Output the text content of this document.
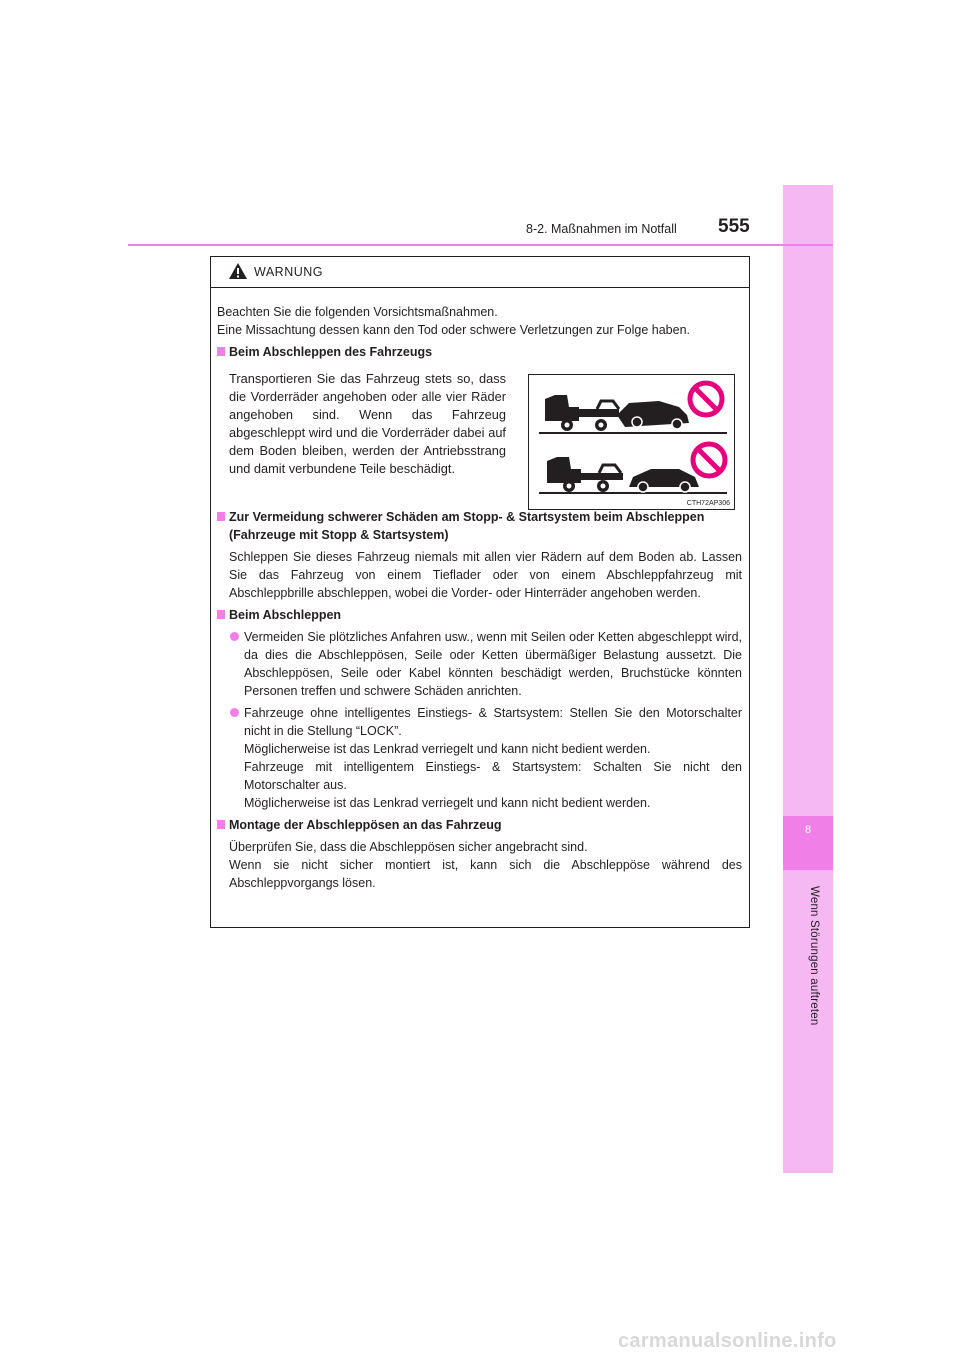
8
Wenn Störungen auftreten
8-2. Maßnahmen im Notfall 555
WARNUNG

Beachten Sie die folgenden Vorsichtsmaßnahmen.

Eine Missachtung dessen kann den Tod oder schwere Verletzungen zur Folge haben.

Beim Abschleppen des Fahrzeugs

Transportieren Sie das Fahrzeug stets so, dass die Vorderräder angehoben oder alle vier Räder angehoben sind. Wenn das Fahrzeug abgeschleppt wird und die Vorderräder dabei auf dem Boden bleiben, werden der Antriebsstrang und damit verbundene Teile beschädigt.

Zur Vermeidung schwerer Schäden am Stopp- & Startsystem beim Abschleppen (Fahrzeuge mit Stopp & Startsystem)

Schleppen Sie dieses Fahrzeug niemals mit allen vier Rädern auf dem Boden ab. Lassen Sie das Fahrzeug von einem Tieflader oder von einem Abschleppfahrzeug mit Abschleppbrille abschleppen, wobei die Vorder- oder Hinterräder angehoben werden.

Beim Abschleppen

Vermeiden Sie plötzliches Anfahren usw., wenn mit Seilen oder Ketten abgeschleppt wird, da dies die Abschleppösen, Seile oder Ketten übermäßiger Belastung aussetzt. Die Abschleppösen, Seile oder Kabel könnten beschädigt werden, Bruchstücke könnten Personen treffen und schwere Schäden anrichten.
Fahrzeuge ohne intelligentes Einstiegs- & Startsystem: Stellen Sie den Motorschalter nicht in die Stellung “LOCK”.
Möglicherweise ist das Lenkrad verriegelt und kann nicht bedient werden.
Fahrzeuge mit intelligentem Einstiegs- & Startsystem: Schalten Sie nicht den Motorschalter aus.
Möglicherweise ist das Lenkrad verriegelt und kann nicht bedient werden.

Montage der Abschleppösen an das Fahrzeug

Überprüfen Sie, dass die Abschleppösen sicher angebracht sind.

Wenn sie nicht sicher montiert ist, kann sich die Abschleppöse während des Abschleppvorgangs lösen.

CTH72AP306
carmanualsonline.info
